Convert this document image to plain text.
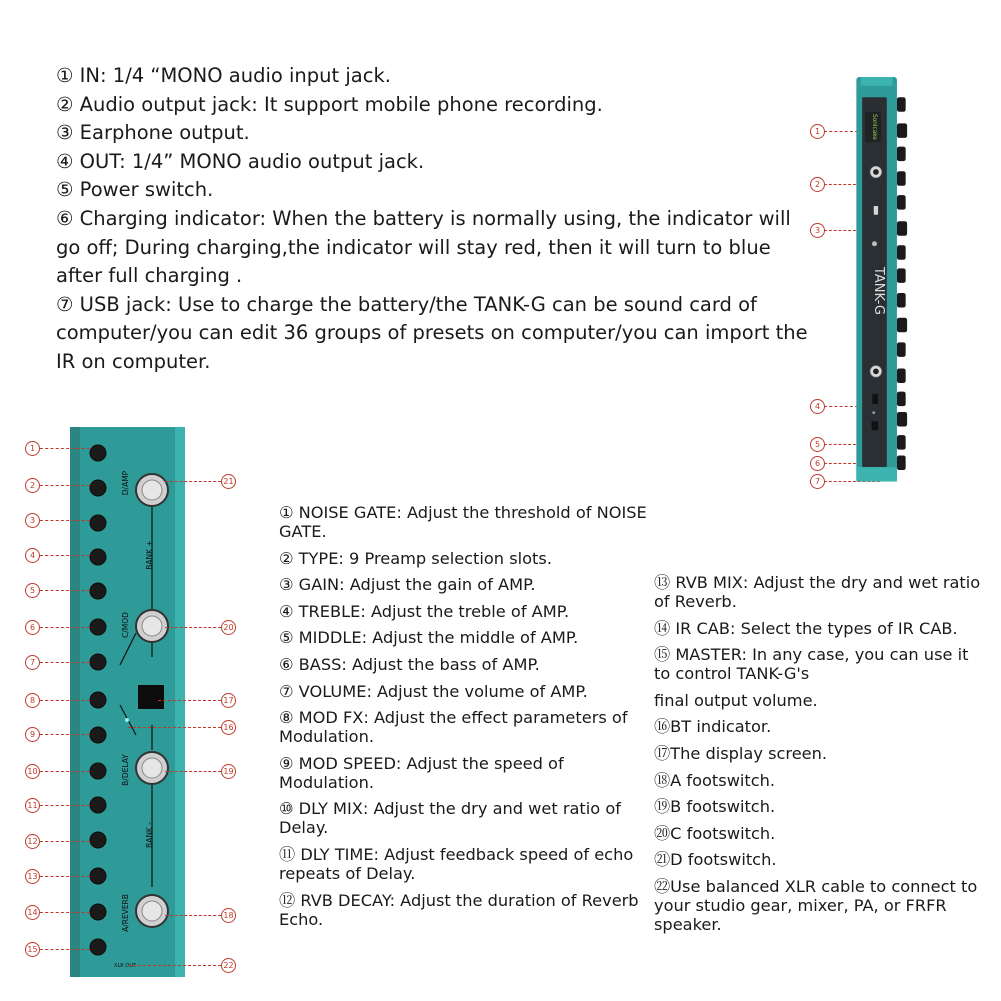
① IN: 1/4 “MONO audio input jack.

② Audio output jack: It support mobile phone recording.

③ Earphone output.

④ OUT: 1/4” MONO audio output jack.

⑤ Power switch.

⑥ Charging indicator: When the battery is normally using, the indicator will go off; During charging,the indicator will stay red, then it will turn to blue after full charging .

⑦ USB jack: Use to charge the battery/the TANK-G can be sound card of computer/you can edit 36 groups of presets on computer/you can import the IR on computer.

1
2
3
4
5
6
7
Sonicake
TANK-G
D/AMP
BANK +
C/MOD
B/DELAY
BANK -
A/REVERB
XLR OUT
1
2
3
4
5
6
7
8
9
10
11
12
13
14
15
21
20
17
16
19
18
22

① NOISE GATE: Adjust the threshold of NOISE GATE.

② TYPE: 9 Preamp selection slots.

③ GAIN: Adjust the gain of AMP.

④ TREBLE: Adjust the treble of AMP.

⑤ MIDDLE: Adjust the middle of AMP.

⑥ BASS: Adjust the bass of AMP.

⑦ VOLUME: Adjust the volume of AMP.

⑧ MOD FX: Adjust the effect parameters of Modulation.

⑨ MOD SPEED: Adjust the speed of Modulation.

⑩ DLY MIX: Adjust the dry and wet ratio of Delay.

⑪ DLY TIME: Adjust feedback speed of echo repeats of Delay.

⑫ RVB DECAY: Adjust the duration of Reverb Echo.

⑬ RVB MIX: Adjust the dry and wet ratio of Reverb.

⑭ IR CAB: Select the types of IR CAB.

⑮ MASTER: In any case, you can use it to control TANK-G's

final output volume.

⑯BT indicator.

⑰The display screen.

⑱A footswitch.

⑲B footswitch.

⑳C footswitch.

㉑D footswitch.

㉒Use balanced XLR cable to connect to your studio gear, mixer, PA, or FRFR speaker.
